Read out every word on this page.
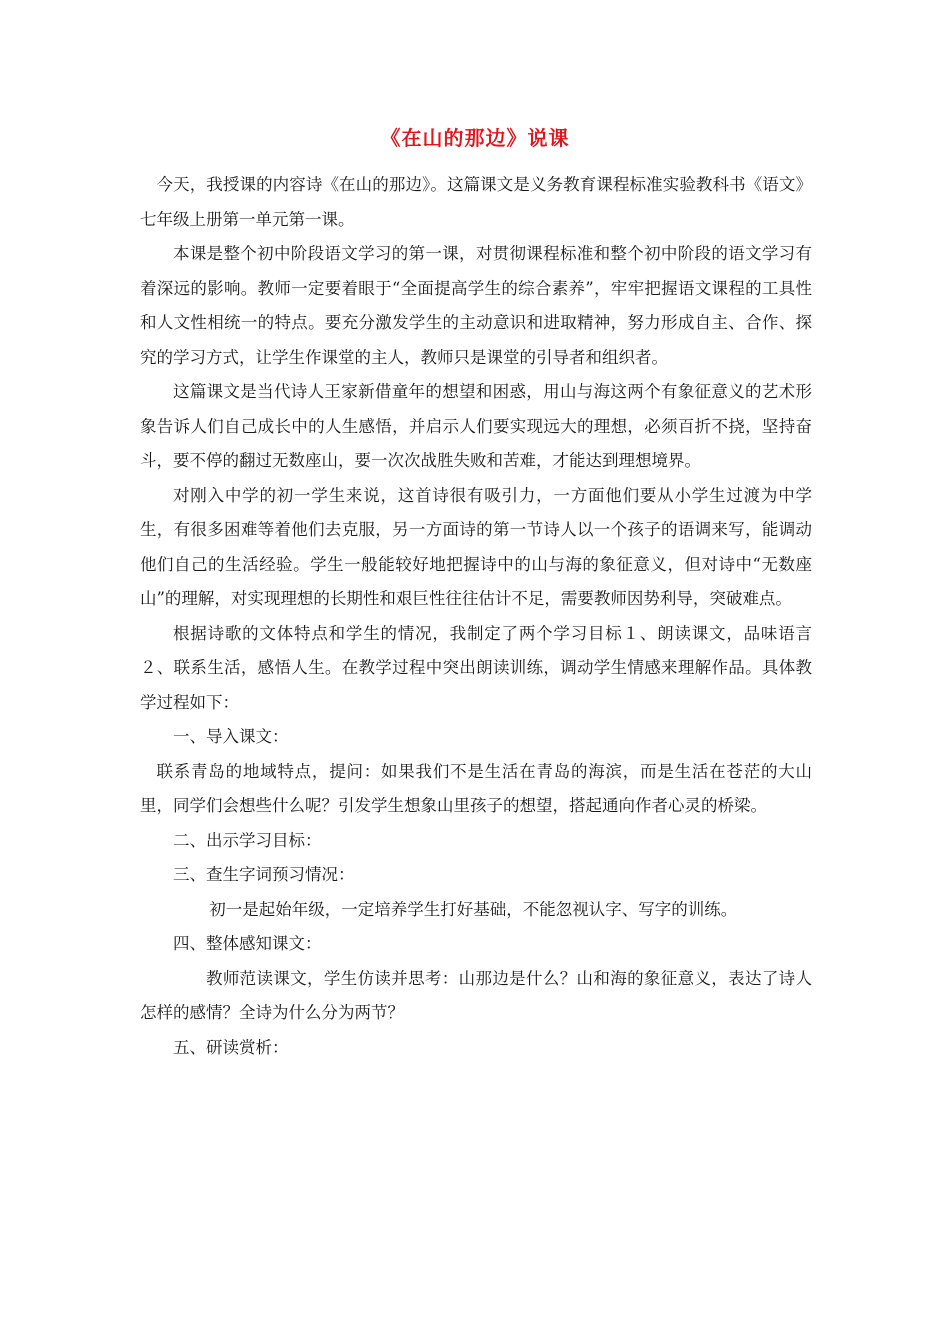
《在山的那边》说课

今天，我授课的内容诗《在山的那边》。这篇课文是义务教育课程标准实验教科书《语文》七年级上册第一单元第一课。

本课是整个初中阶段语文学习的第一课，对贯彻课程标准和整个初中阶段的语文学习有着深远的影响。教师一定要着眼于“全面提高学生的综合素养”，牢牢把握语文课程的工具性和人文性相统一的特点。要充分激发学生的主动意识和进取精神，努力形成自主、合作、探究的学习方式，让学生作课堂的主人，教师只是课堂的引导者和组织者。

这篇课文是当代诗人王家新借童年的想望和困惑，用山与海这两个有象征意义的艺术形象告诉人们自己成长中的人生感悟，并启示人们要实现远大的理想，必须百折不挠，坚持奋斗，要不停的翻过无数座山，要一次次战胜失败和苦难，才能达到理想境界。

对刚入中学的初一学生来说，这首诗很有吸引力，一方面他们要从小学生过渡为中学生，有很多困难等着他们去克服，另一方面诗的第一节诗人以一个孩子的语调来写，能调动他们自己的生活经验。学生一般能较好地把握诗中的山与海的象征意义，但对诗中“无数座山”的理解，对实现理想的长期性和艰巨性往往估计不足，需要教师因势利导，突破难点。

根据诗歌的文体特点和学生的情况，我制定了两个学习目标１、朗读课文，品味语言２、联系生活，感悟人生。在教学过程中突出朗读训练，调动学生情感来理解作品。具体教学过程如下：

一、导入课文：

联系青岛的地域特点，提问：如果我们不是生活在青岛的海滨，而是生活在苍茫的大山里，同学们会想些什么呢？引发学生想象山里孩子的想望，搭起通向作者心灵的桥梁。

二、出示学习目标：

三、查生字词预习情况：

初一是起始年级，一定培养学生打好基础，不能忽视认字、写字的训练。

四、整体感知课文：

教师范读课文，学生仿读并思考：山那边是什么？山和海的象征意义，表达了诗人怎样的感情？全诗为什么分为两节？

五、研读赏析：
